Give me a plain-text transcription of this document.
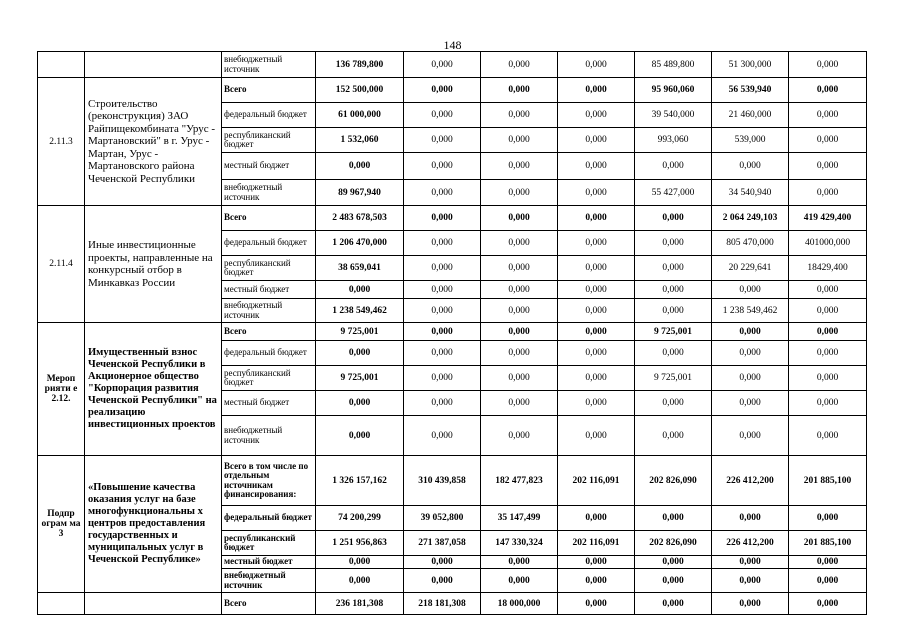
148
		внебюджетный источник	136 789,800	0,000	0,000	0,000	85 489,800	51 300,000	0,000
2.11.3	Строительство (реконструкция) ЗАО Райпищекомбината "Урус - Мартановский" в г. Урус - Мартан, Урус - Мартановского района Чеченской Республики	Всего	152 500,000	0,000	0,000	0,000	95 960,060	56 539,940	0,000
		федеральный бюджет	61 000,000	0,000	0,000	0,000	39 540,000	21 460,000	0,000
		республиканский бюджет	1 532,060	0,000	0,000	0,000	993,060	539,000	0,000
		местный бюджет	0,000	0,000	0,000	0,000	0,000	0,000	0,000
		внебюджетный источник	89 967,940	0,000	0,000	0,000	55 427,000	34 540,940	0,000
2.11.4	Иные инвестиционные проекты, направленные на конкурсный отбор в Минкавказ России	Всего	2 483 678,503	0,000	0,000	0,000	0,000	2 064 249,103	419 429,400
		федеральный бюджет	1 206 470,000	0,000	0,000	0,000	0,000	805 470,000	401000,000
		республиканский бюджет	38 659,041	0,000	0,000	0,000	0,000	20 229,641	18429,400
		местный бюджет	0,000	0,000	0,000	0,000	0,000	0,000	0,000
		внебюджетный источник	1 238 549,462	0,000	0,000	0,000	0,000	1 238 549,462	0,000
Мероп рияти е 2.12.	Имущественный взнос Чеченской Республики в Акционерное общество "Корпорация развития Чеченской Республики" на реализацию инвестиционных проектов	Всего	9 725,001	0,000	0,000	0,000	9 725,001	0,000	0,000
		федеральный бюджет	0,000	0,000	0,000	0,000	0,000	0,000	0,000
		республиканский бюджет	9 725,001	0,000	0,000	0,000	9 725,001	0,000	0,000
		местный бюджет	0,000	0,000	0,000	0,000	0,000	0,000	0,000
		внебюджетный источник	0,000	0,000	0,000	0,000	0,000	0,000	0,000
Подпр ограм ма 3	«Повышение качества оказания услуг на базе многофункциональны х центров предоставления государственных и муниципальных услуг в Чеченской Республике»	Всего в том числе по отдельным источникам финансирования:	1 326 157,162	310 439,858	182 477,823	202 116,091	202 826,090	226 412,200	201 885,100
		федеральный бюджет	74 200,299	39 052,800	35 147,499	0,000	0,000	0,000	0,000
		республиканский бюджет	1 251 956,863	271 387,058	147 330,324	202 116,091	202 826,090	226 412,200	201 885,100
		местный бюджет	0,000	0,000	0,000	0,000	0,000	0,000	0,000
		внебюджетный источник	0,000	0,000	0,000	0,000	0,000	0,000	0,000
		Всего	236 181,308	218 181,308	18 000,000	0,000	0,000	0,000	0,000
